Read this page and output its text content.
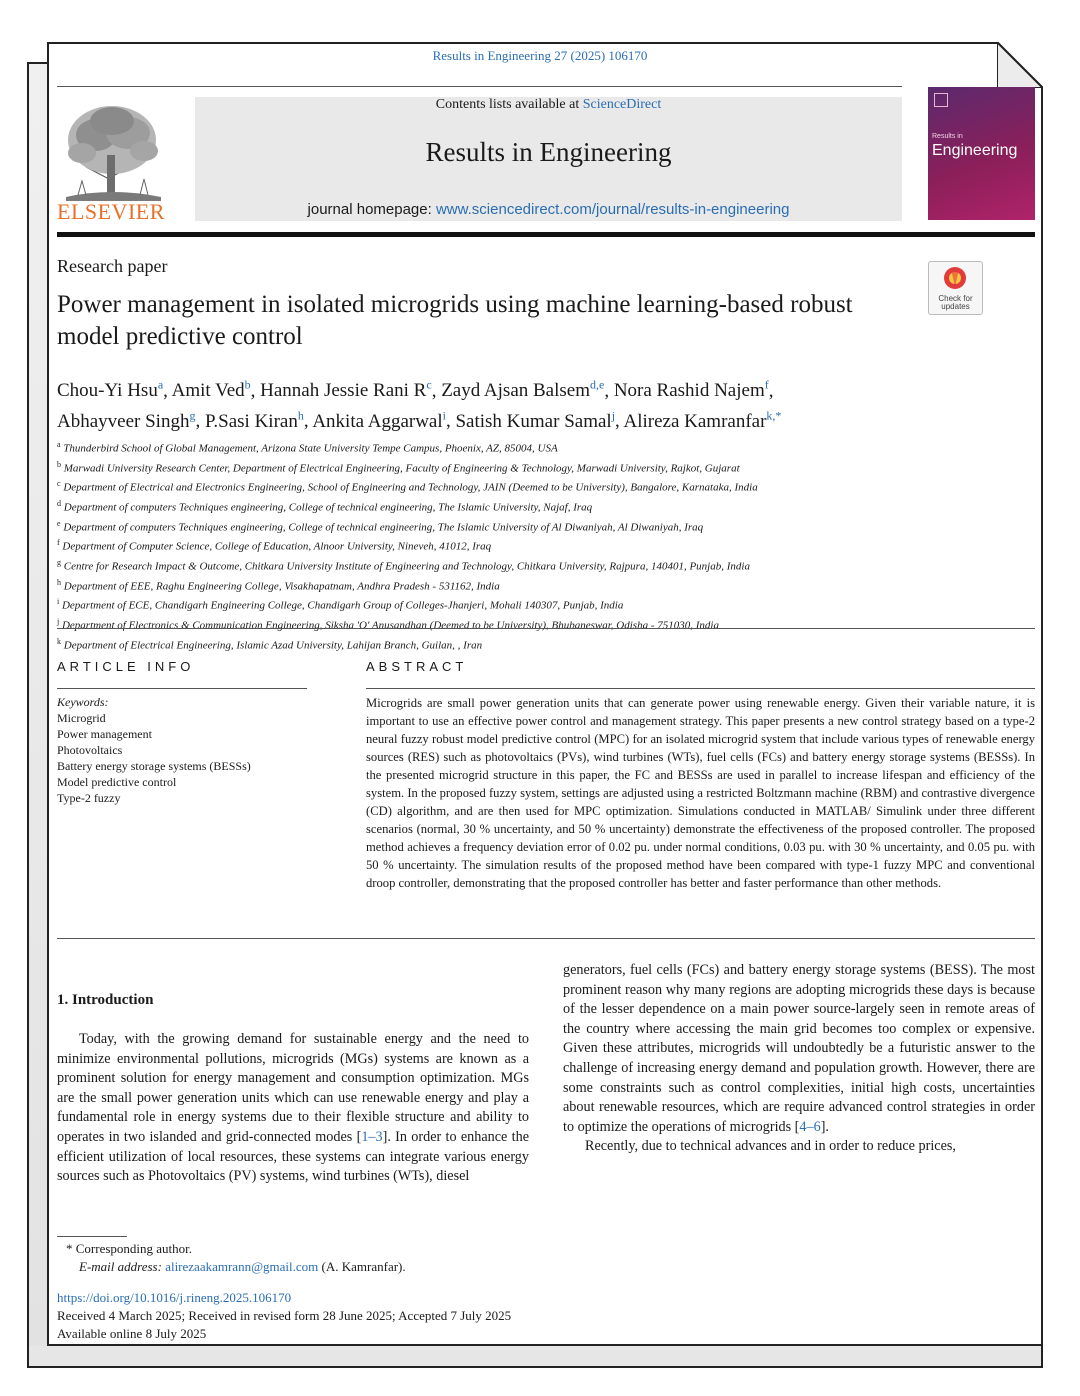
Results in Engineering 27 (2025) 106170
ELSEVIER
Contents lists available at ScienceDirect
Results in Engineering
journal homepage: www.sciencedirect.com/journal/results-in-engineering
Results in
Engineering
Research paper
Power management in isolated microgrids using machine learning-based robust model predictive control
Check for updates
Chou-Yi Hsu$^a$, Amit Ved$^b$, Hannah Jessie Rani $R^c$, Zayd Ajsan Balsem$^{d,e}$, Nora Rashid Najem$^f$,
Abhayveer Singh$^g$, P.Sasi Kiran$^h$, Ankita Aggarwal$^i$, Satish Kumar Samal$^j$, Alireza Kamranfar$^{k,*}$
$^a$ Thunderbird School of Global Management, Arizona State University Tempe Campus, Phoenix, AZ, 85004, USA
$^b$ Marwadi University Research Center, Department of Electrical Engineering, Faculty of Engineering & Technology, Marwadi University, Rajkot, Gujarat
$^c$ Department of Electrical and Electronics Engineering, School of Engineering and Technology, JAIN (Deemed to be University), Bangalore, Karnataka, India
$^d$ Department of computers Techniques engineering, College of technical engineering, The Islamic University, Najaf, Iraq
$^e$ Department of computers Techniques engineering, College of technical engineering, The Islamic University of Al Diwaniyah, Al Diwaniyah, Iraq
$^f$ Department of Computer Science, College of Education, Alnoor University, Nineveh, 41012, Iraq
$^g$ Centre for Research Impact & Outcome, Chitkara University Institute of Engineering and Technology, Chitkara University, Rajpura, 140401, Punjab, India
$^h$ Department of EEE, Raghu Engineering College, Visakhapatnam, Andhra Pradesh - 531162, India
$^i$ Department of ECE, Chandigarh Engineering College, Chandigarh Group of Colleges-Jhanjeri, Mohali 140307, Punjab, India
$^j$ Department of Electronics & Communication Engineering, Siksha 'O' Anusandhan (Deemed to be University), Bhubaneswar, Odisha - 751030, India
$^k$ Department of Electrical Engineering, Islamic Azad University, Lahijan Branch, Guilan, , Iran
ARTICLE INFO	ABSTRACT
Keywords:
Microgrid
Power management
Photovoltaics
Battery energy storage systems (BESSs)
Model predictive control
Type-2 fuzzy
Microgrids are small power generation units that can generate power using renewable energy. Given their variable nature, it is important to use an effective power control and management strategy. This paper presents a new control strategy based on a type-2 neural fuzzy robust model predictive control (MPC) for an isolated microgrid system that include various types of renewable energy sources (RES) such as photovoltaics (PVs), wind turbines (WTs), fuel cells (FCs) and battery energy storage systems (BESSs). In the presented microgrid structure in this paper, the FC and BESSs are used in parallel to increase lifespan and efficiency of the system. In the proposed fuzzy system, settings are adjusted using a restricted Boltzmann machine (RBM) and contrastive divergence (CD) algorithm, and are then used for MPC optimization. Simulations conducted in MATLAB/ Simulink under three different scenarios (normal, 30 % uncertainty, and 50 % uncertainty) demonstrate the effectiveness of the proposed controller. The proposed method achieves a frequency deviation error of 0.02 pu. under normal conditions, 0.03 pu. with 30 % uncertainty, and 0.05 pu. with 50 % uncertainty. The simulation results of the proposed method have been compared with type-1 fuzzy MPC and conventional droop controller, demonstrating that the proposed controller has better and faster performance than other methods.
1. Introduction
Today, with the growing demand for sustainable energy and the need to minimize environmental pollutions, microgrids (MGs) systems are known as a prominent solution for energy management and consumption optimization. MGs are the small power generation units which can use renewable energy and play a fundamental role in energy systems due to their flexible structure and ability to operates in two islanded and grid-connected modes [1–3]. In order to enhance the efficient utilization of local resources, these systems can integrate various energy sources such as Photovoltaics (PV) systems, wind turbines (WTs), diesel
generators, fuel cells (FCs) and battery energy storage systems (BESS). The most prominent reason why many regions are adopting microgrids these days is because of the lesser dependence on a main power source-largely seen in remote areas of the country where accessing the main grid becomes too complex or expensive. Given these attributes, microgrids will undoubtedly be a futuristic answer to the challenge of increasing energy demand and population growth. However, there are some constraints such as control complexities, initial high costs, uncertainties about renewable resources, which are require advanced control strategies in order to optimize the operations of microgrids [4–6].
Recently, due to technical advances and in order to reduce prices,
* Corresponding author.
E-mail address: alirezaakamrann@gmail.com (A. Kamranfar).
https://doi.org/10.1016/j.rineng.2025.106170
Received 4 March 2025; Received in revised form 28 June 2025; Accepted 7 July 2025
Available online 8 July 2025
